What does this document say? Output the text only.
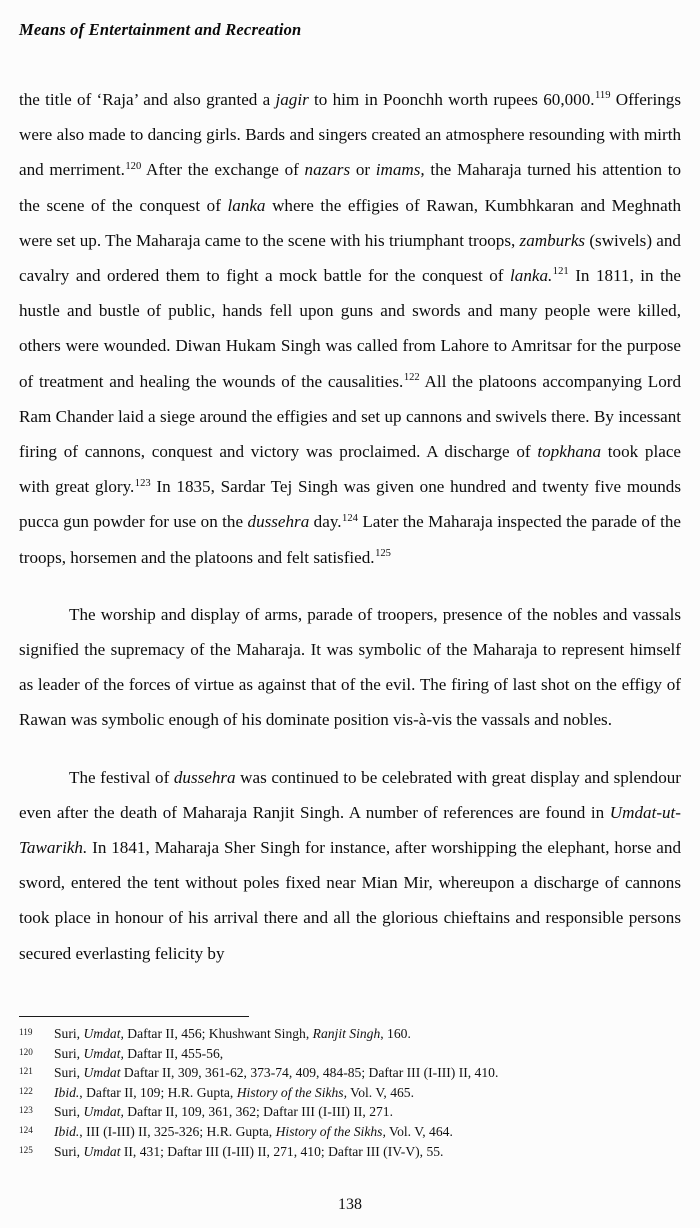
Means of Entertainment and Recreation

the title of ‘Raja’ and also granted a jagir to him in Poonchh worth rupees 60,000.$^{119}$ Offerings were also made to dancing girls. Bards and singers created an atmosphere resounding with mirth and merriment.$^{120}$ After the exchange of nazars or imams, the Maharaja turned his attention to the scene of the conquest of lanka where the effigies of Rawan, Kumbhkaran and Meghnath were set up. The Maharaja came to the scene with his triumphant troops, zamburks (swivels) and cavalry and ordered them to fight a mock battle for the conquest of lanka.$^{121}$ In 1811, in the hustle and bustle of public, hands fell upon guns and swords and many people were killed, others were wounded. Diwan Hukam Singh was called from Lahore to Amritsar for the purpose of treatment and healing the wounds of the causalities.$^{122}$ All the platoons accompanying Lord Ram Chander laid a siege around the effigies and set up cannons and swivels there. By incessant firing of cannons, conquest and victory was proclaimed. A discharge of topkhana took place with great glory.$^{123}$ In 1835, Sardar Tej Singh was given one hundred and twenty five mounds pucca gun powder for use on the dussehra day.$^{124}$ Later the Maharaja inspected the parade of the troops, horsemen and the platoons and felt satisfied.$^{125}$

The worship and display of arms, parade of troopers, presence of the nobles and vassals signified the supremacy of the Maharaja. It was symbolic of the Maharaja to represent himself as leader of the forces of virtue as against that of the evil. The firing of last shot on the effigy of Rawan was symbolic enough of his dominate position vis-à-vis the vassals and nobles.

The festival of dussehra was continued to be celebrated with great display and splendour even after the death of Maharaja Ranjit Singh. A number of references are found in Umdat-ut-Tawarikh. In 1841, Maharaja Sher Singh for instance, after worshipping the elephant, horse and sword, entered the tent without poles fixed near Mian Mir, whereupon a discharge of cannons took place in honour of his arrival there and all the glorious chieftains and responsible persons secured everlasting felicity by

119 Suri, Umdat, Daftar II, 456; Khushwant Singh, Ranjit Singh, 160.
120 Suri, Umdat, Daftar II, 455-56,
121 Suri, Umdat Daftar II, 309, 361-62, 373-74, 409, 484-85; Daftar III (I-III) II, 410.
122 Ibid., Daftar II, 109; H.R. Gupta, History of the Sikhs, Vol. V, 465.
123 Suri, Umdat, Daftar II, 109, 361, 362; Daftar III (I-III) II, 271.
124 Ibid., III (I-III) II, 325-326; H.R. Gupta, History of the Sikhs, Vol. V, 464.
125 Suri, Umdat II, 431; Daftar III (I-III) II, 271, 410; Daftar III (IV-V), 55.
138
